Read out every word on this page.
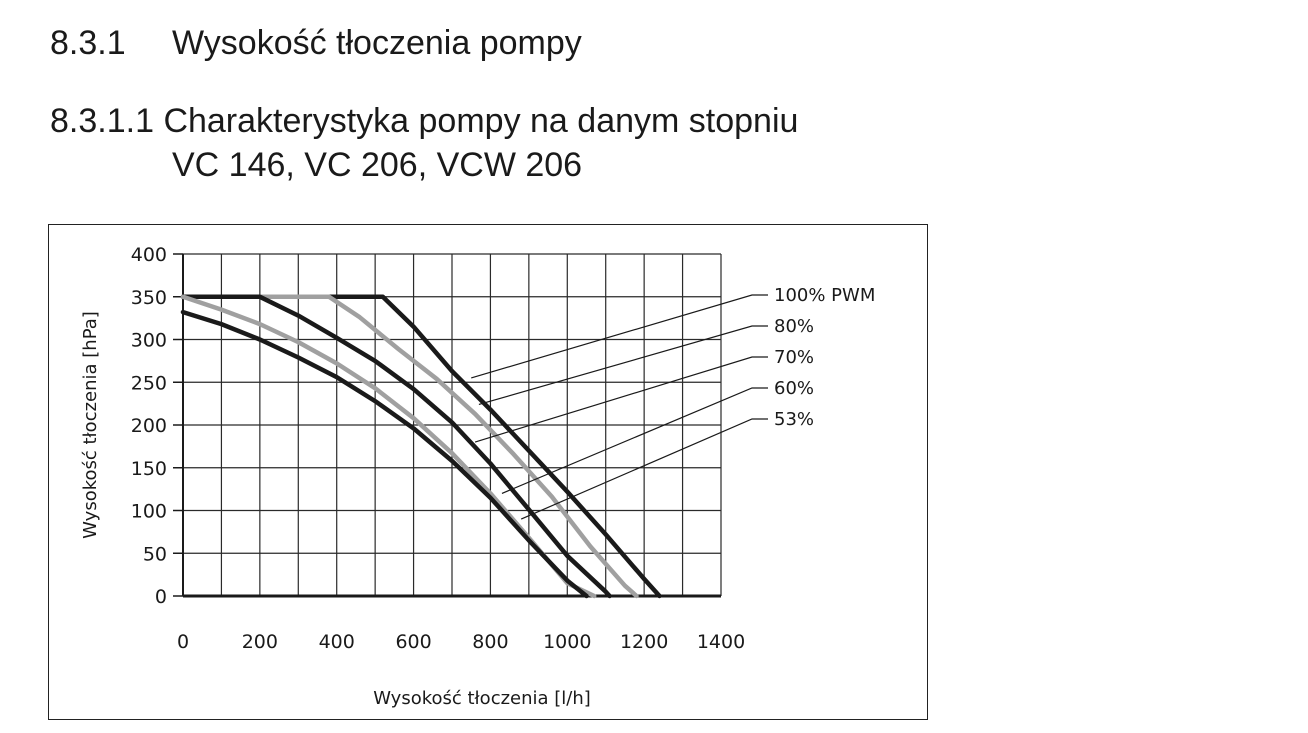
8.3.1 Wysokość tłoczenia pompy
8.3.1.1 Charakterystyka pompy na danym stopniu
VC 146, VC 206, VCW 206
0
50
100
150
200
250
300
350
400
0	200 400 600 800 1000 1200 1400
Wysokość tłoczenia [l/h]
Wysokość tłoczenia [hPa]
100% PWM
80%
70%
60%
53%
